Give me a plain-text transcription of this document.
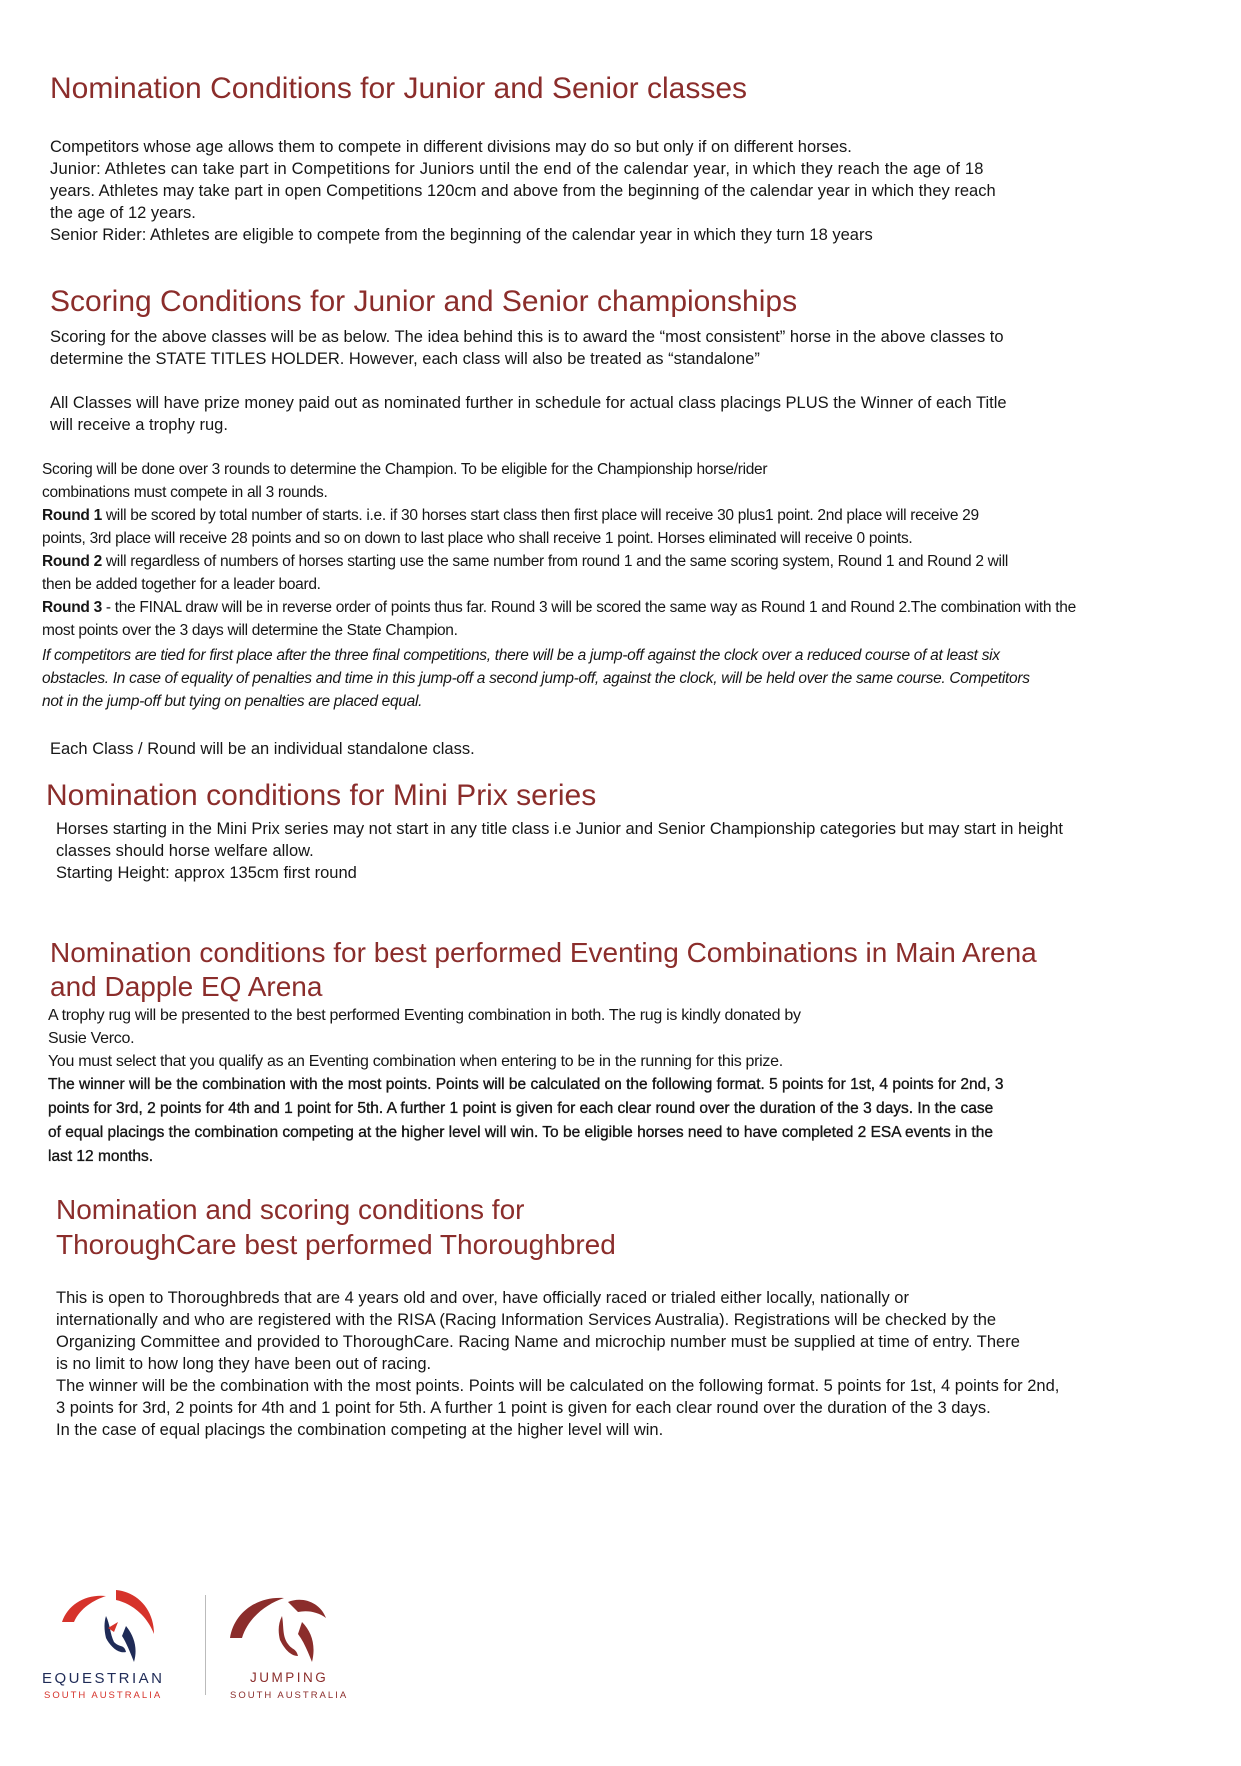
Nomination Conditions for Junior and Senior classes
Competitors whose age allows them to compete in different divisions may do so but only if on different horses.
Junior: Athletes can take part in Competitions for Juniors until the end of the calendar year, in which they reach the age of 18
years. Athletes may take part in open Competitions 120cm and above from the beginning of the calendar year in which they reach
the age of 12 years.
Senior Rider: Athletes are eligible to compete from the beginning of the calendar year in which they turn 18 years
Scoring Conditions for Junior and Senior championships
Scoring for the above classes will be as below. The idea behind this is to award the “most consistent” horse in the above classes to
determine the STATE TITLES HOLDER. However, each class will also be treated as “standalone”
All Classes will have prize money paid out as nominated further in schedule for actual class placings PLUS the Winner of each Title
will receive a trophy rug.
Scoring will be done over 3 rounds to determine the Champion. To be eligible for the Championship horse/rider
combinations must compete in all 3 rounds.
Round 1 will be scored by total number of starts. i.e. if 30 horses start class then first place will receive 30 plus1 point. 2nd place will receive 29
points, 3rd place will receive 28 points and so on down to last place who shall receive 1 point. Horses eliminated will receive 0 points.
Round 2 will regardless of numbers of horses starting use the same number from round 1 and the same scoring system, Round 1 and Round 2 will
then be added together for a leader board.
Round 3 - the FINAL draw will be in reverse order of points thus far. Round 3 will be scored the same way as Round 1 and Round 2.The combination with the
most points over the 3 days will determine the State Champion.
If competitors are tied for first place after the three final competitions, there will be a jump-off against the clock over a reduced course of at least six
obstacles. In case of equality of penalties and time in this jump-off a second jump-off, against the clock, will be held over the same course. Competitors
not in the jump-off but tying on penalties are placed equal.
Each Class / Round will be an individual standalone class.
Nomination conditions for Mini Prix series
Horses starting in the Mini Prix series may not start in any title class i.e Junior and Senior Championship categories but may start in height
classes should horse welfare allow.
Starting Height: approx 135cm first round
Nomination conditions for best performed Eventing Combinations in Main Arena
and Dapple EQ Arena
A trophy rug will be presented to the best performed Eventing combination in both. The rug is kindly donated by
Susie Verco.
You must select that you qualify as an Eventing combination when entering to be in the running for this prize.
The winner will be the combination with the most points. Points will be calculated on the following format. 5 points for 1st, 4 points for 2nd, 3
points for 3rd, 2 points for 4th and 1 point for 5th. A further 1 point is given for each clear round over the duration of the 3 days. In the case
of equal placings the combination competing at the higher level will win. To be eligible horses need to have completed 2 ESA events in the
last 12 months.
Nomination and scoring conditions for
ThoroughCare best performed Thoroughbred
This is open to Thoroughbreds that are 4 years old and over, have officially raced or trialed either locally, nationally or
internationally and who are registered with the RISA (Racing Information Services Australia). Registrations will be checked by the
Organizing Committee and provided to ThoroughCare. Racing Name and microchip number must be supplied at time of entry. There
is no limit to how long they have been out of racing.
The winner will be the combination with the most points. Points will be calculated on the following format. 5 points for 1st, 4 points for 2nd,
3 points for 3rd, 2 points for 4th and 1 point for 5th. A further 1 point is given for each clear round over the duration of the 3 days.
In the case of equal placings the combination competing at the higher level will win.
EQUESTRIAN
SOUTH AUSTRALIA
JUMPING
SOUTH AUSTRALIA
